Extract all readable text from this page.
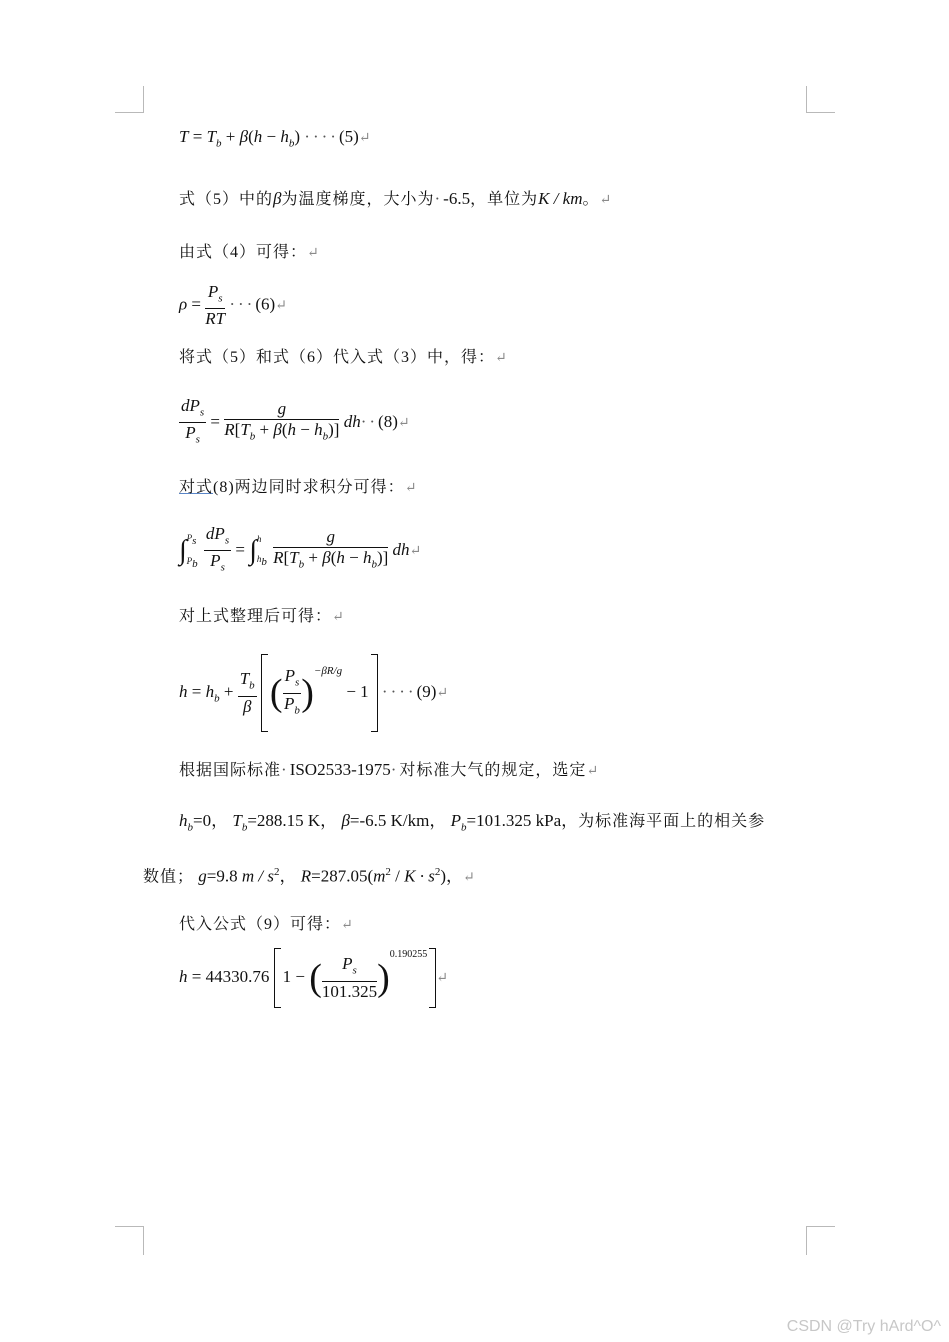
$T = T_b + \beta(h - h_b)$ ····(5)↵
式（5）中的β为温度梯度，大小为·-6.5，单位为K / km。↵
由式（4）可得：↵
$\rho = \frac{P_s}{RT}$ ···(6)↵
将式（5）和式（6）代入式（3）中，得：↵
$\frac{dP_s}{P_s} = \frac{g}{R[T_b + \beta(h - h_b)]}$ dh··(8)↵
对式(8)两边同时求积分可得：↵
∫ $P_s$
$P_b$
$\frac{dP_s}{P_s}$ = ∫ h
$h_b$
$\frac{g}{R[T_b + \beta(h - h_b)]}$ dh↵
对上式整理后可得：↵
$h = h_b + \frac{T_b}{\beta}$ ( $\frac{P_s}{P_b} )^{-\beta R/g} - 1$ ····(9)↵
根据国际标准·ISO2533-1975·对标准大气的规定，选定↵
$h_b=0$， $T_b=288.15$ K， β=-6.5 K/km， $P_b=101.325$ kPa，为标准海平面上的相关参
数值； g=9.8 m / $s^2$， $R=287.05(m^2 / K \cdot s^2)$，↵
代入公式（9）可得：↵
h = 44330.76 1 − ( $\frac{P_s}{101.325}$ )$^{0.190255}$↵
CSDN @Try hArd^O^
